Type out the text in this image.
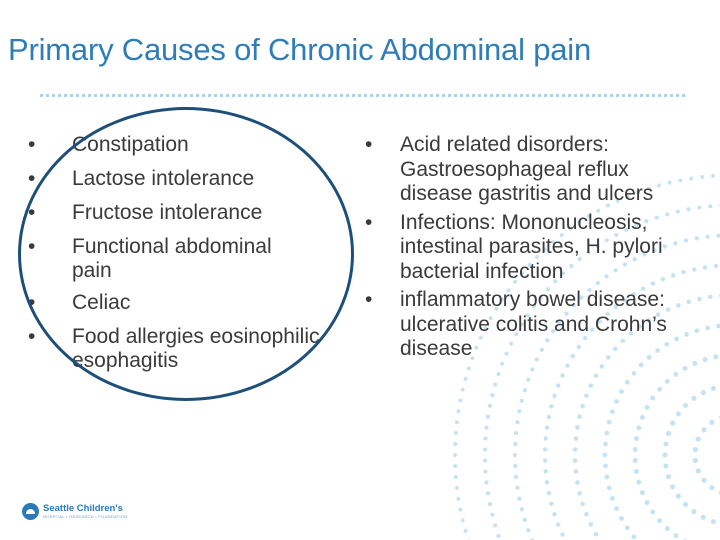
Primary Causes of Chronic Abdominal pain
•	Constipation
•	Lactose intolerance
•	Fructose intolerance
•	Functional abdominal pain
•	Celiac
•	Food allergies eosinophilic esophagitis
•	Acid related disorders: Gastroesophageal reflux disease gastritis and ulcers
•	Infections: Mononucleosis, intestinal parasites, H. pylori bacterial infection
•	inflammatory bowel disease: ulcerative colitis and Crohn’s disease
Seattle Children's
HOSPITAL • RESEARCH • FOUNDATION
